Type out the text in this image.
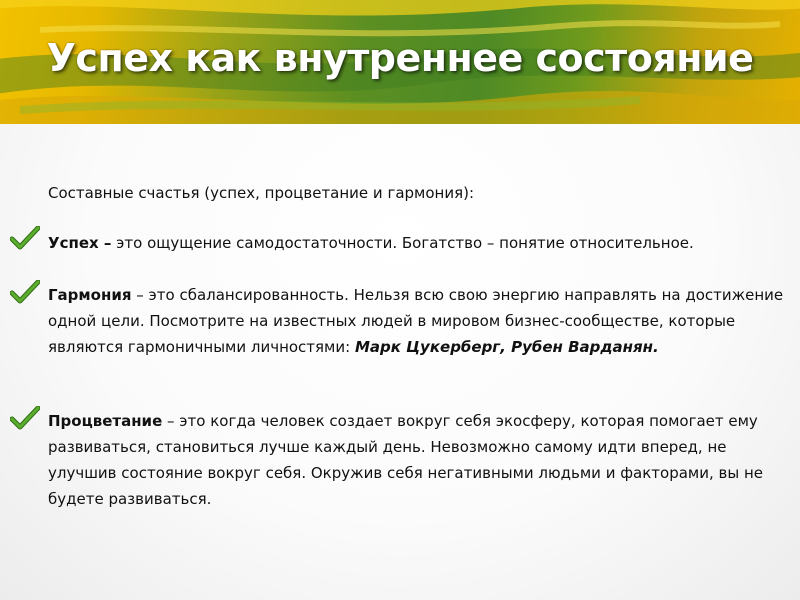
Успех как внутреннее состояние

Составные счастья (успех, процветание и гармония):

Успех – это ощущение самодостаточности. Богатство – понятие относительное.

Гармония – это сбалансированность. Нельзя всю свою энергию направлять на достижение одной цели. Посмотрите на известных людей в мировом бизнес-сообществе, которые являются гармоничными личностями: Марк Цукерберг, Рубен Варданян.

Процветание – это когда человек создает вокруг себя экосферу, которая помогает ему развиваться, становиться лучше каждый день. Невозможно самому идти вперед, не улучшив состояние вокруг себя. Окружив себя негативными людьми и факторами, вы не будете развиваться.
